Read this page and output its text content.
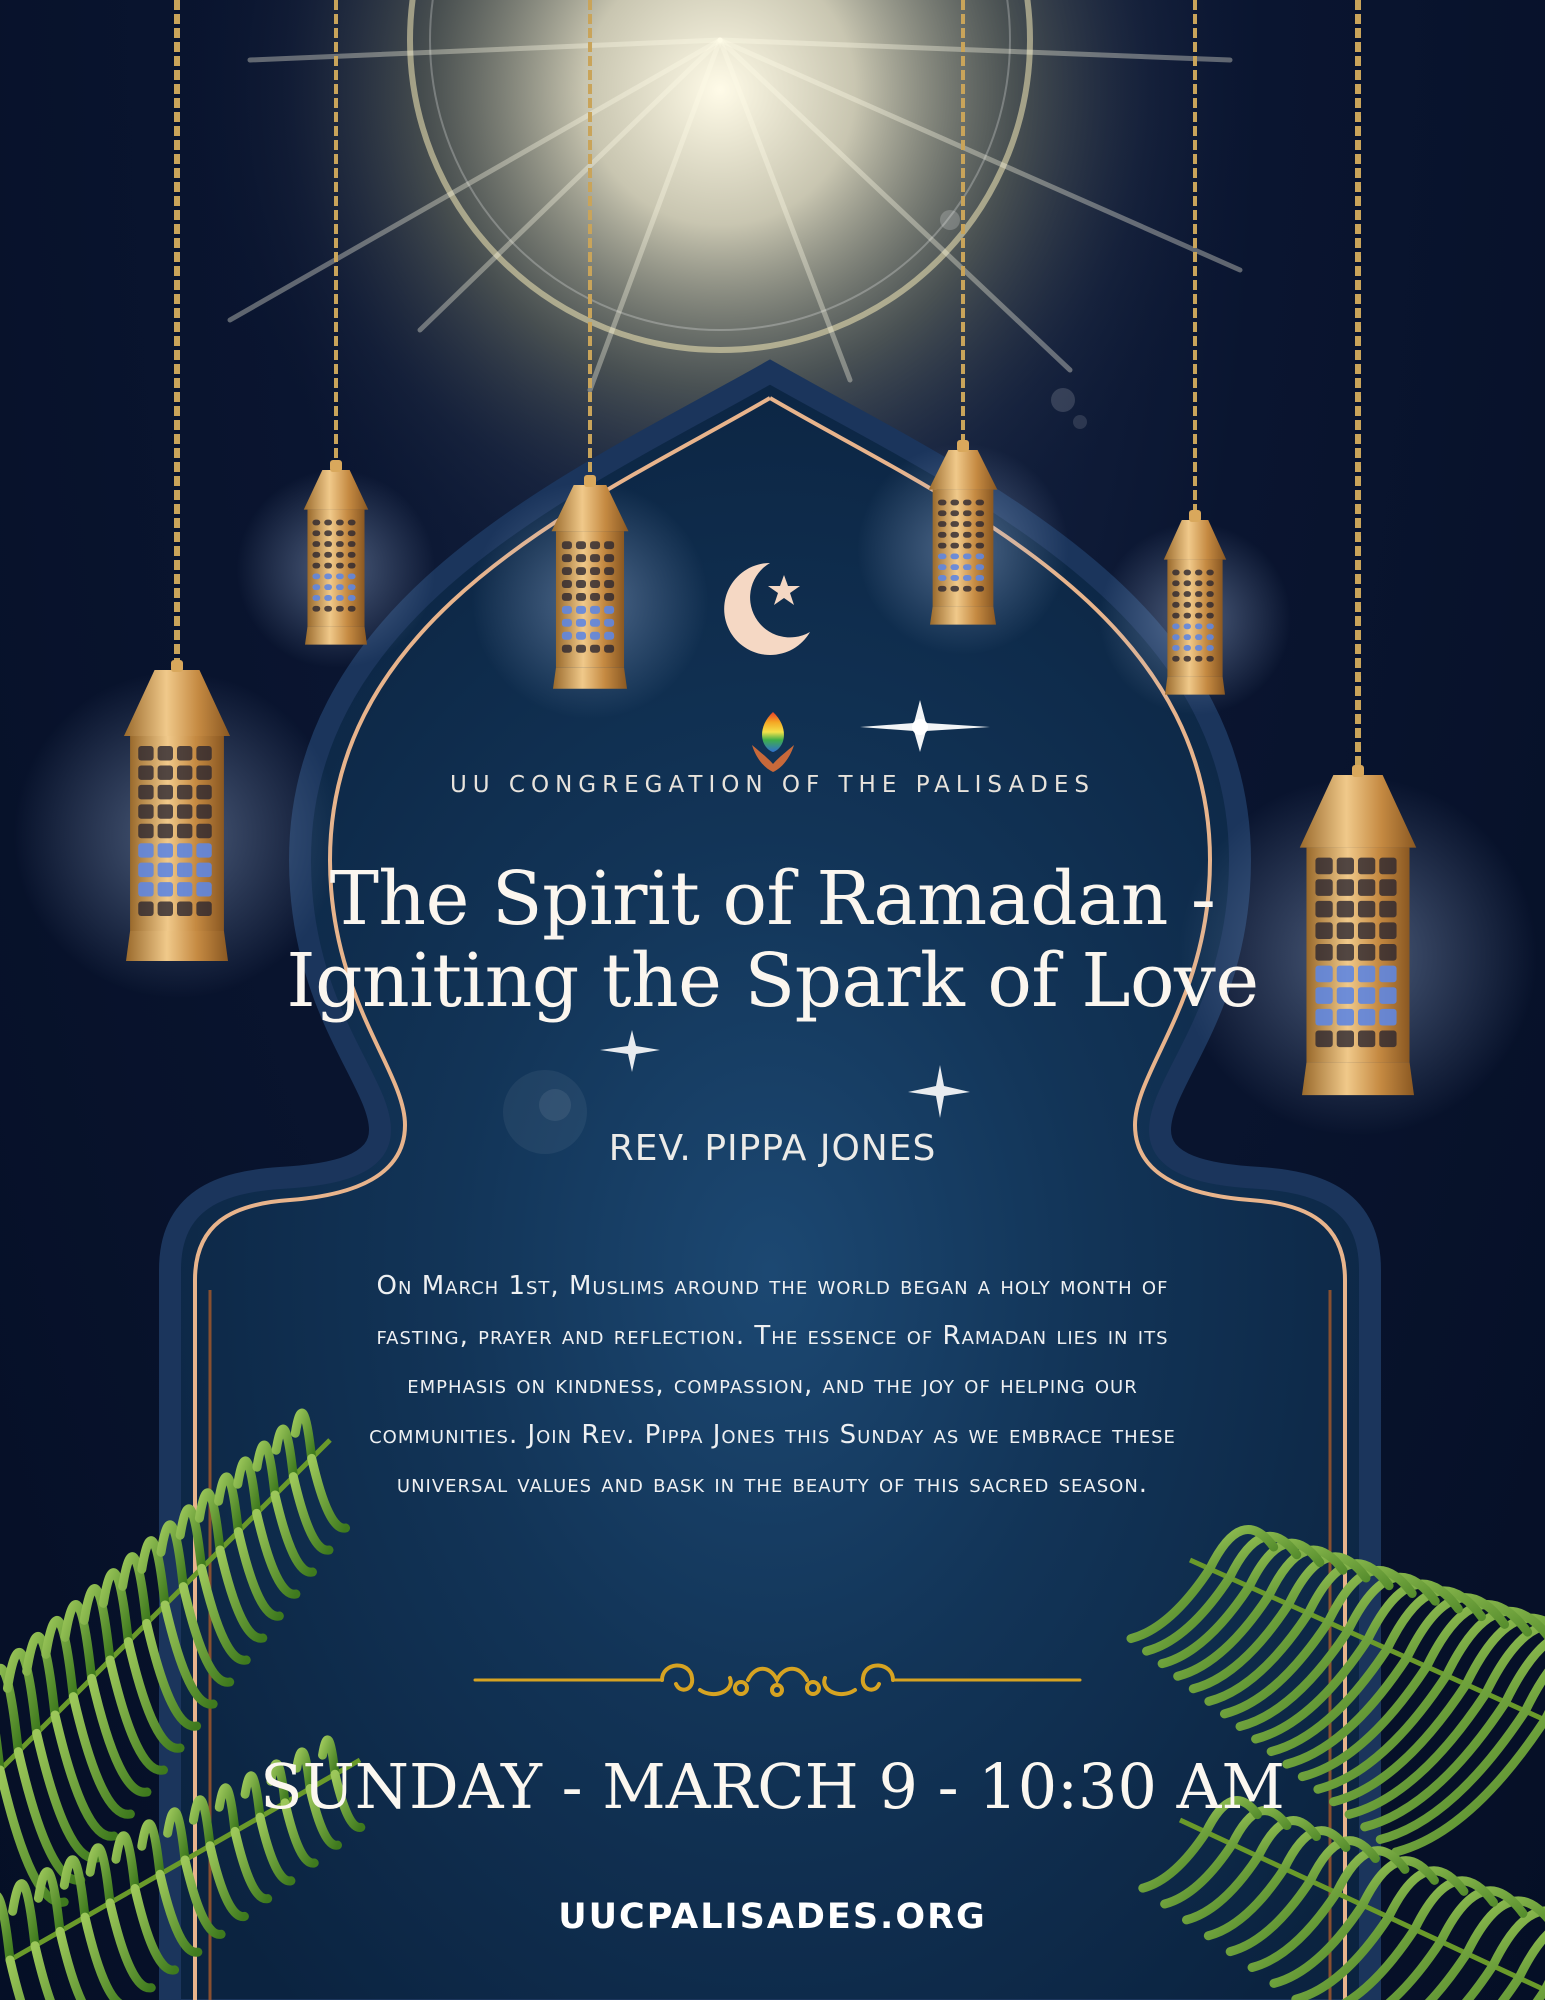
UU CONGREGATION OF THE PALISADES
The Spirit of Ramadan -
Igniting the Spark of Love
REV. PIPPA JONES
On March 1st, Muslims around the world began a holy month of fasting, prayer and reflection. The essence of Ramadan lies in its emphasis on kindness, compassion, and the joy of helping our communities. Join Rev. Pippa Jones this Sunday as we embrace these universal values and bask in the beauty of this sacred season.
SUNDAY - MARCH 9 - 10:30 AM
UUCPALISADES.ORG
